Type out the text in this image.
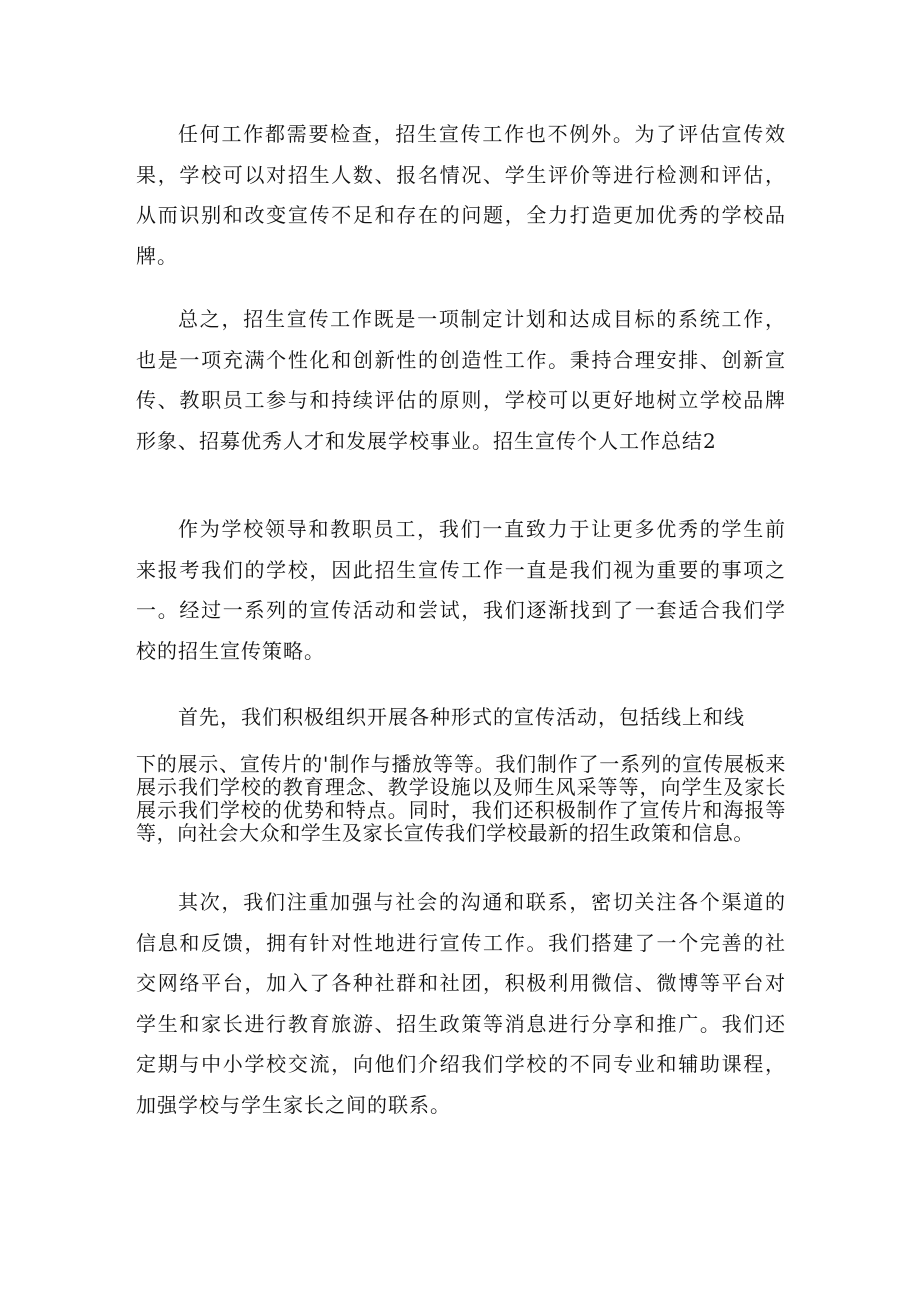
任何工作都需要检查，招生宣传工作也不例外。为了评估宣传效果，学校可以对招生人数、报名情况、学生评价等进行检测和评估，从而识别和改变宣传不足和存在的问题，全力打造更加优秀的学校品牌。

总之，招生宣传工作既是一项制定计划和达成目标的系统工作，也是一项充满个性化和创新性的创造性工作。秉持合理安排、创新宣传、教职员工参与和持续评估的原则，学校可以更好地树立学校品牌形象、招募优秀人才和发展学校事业。招生宣传个人工作总结2

作为学校领导和教职员工，我们一直致力于让更多优秀的学生前来报考我们的学校，因此招生宣传工作一直是我们视为重要的事项之一。经过一系列的宣传活动和尝试，我们逐渐找到了一套适合我们学校的招生宣传策略。

首先，我们积极组织开展各种形式的宣传活动，包括线上和线

下的展示、宣传片的'制作与播放等等。我们制作了一系列的宣传展板来展示我们学校的教育理念、教学设施以及师生风采等等，向学生及家长展示我们学校的优势和特点。同时，我们还积极制作了宣传片和海报等等，向社会大众和学生及家长宣传我们学校最新的招生政策和信息。

其次，我们注重加强与社会的沟通和联系，密切关注各个渠道的信息和反馈，拥有针对性地进行宣传工作。我们搭建了一个完善的社交网络平台，加入了各种社群和社团，积极利用微信、微博等平台对学生和家长进行教育旅游、招生政策等消息进行分享和推广。我们还定期与中小学校交流，向他们介绍我们学校的不同专业和辅助课程，加强学校与学生家长之间的联系。
